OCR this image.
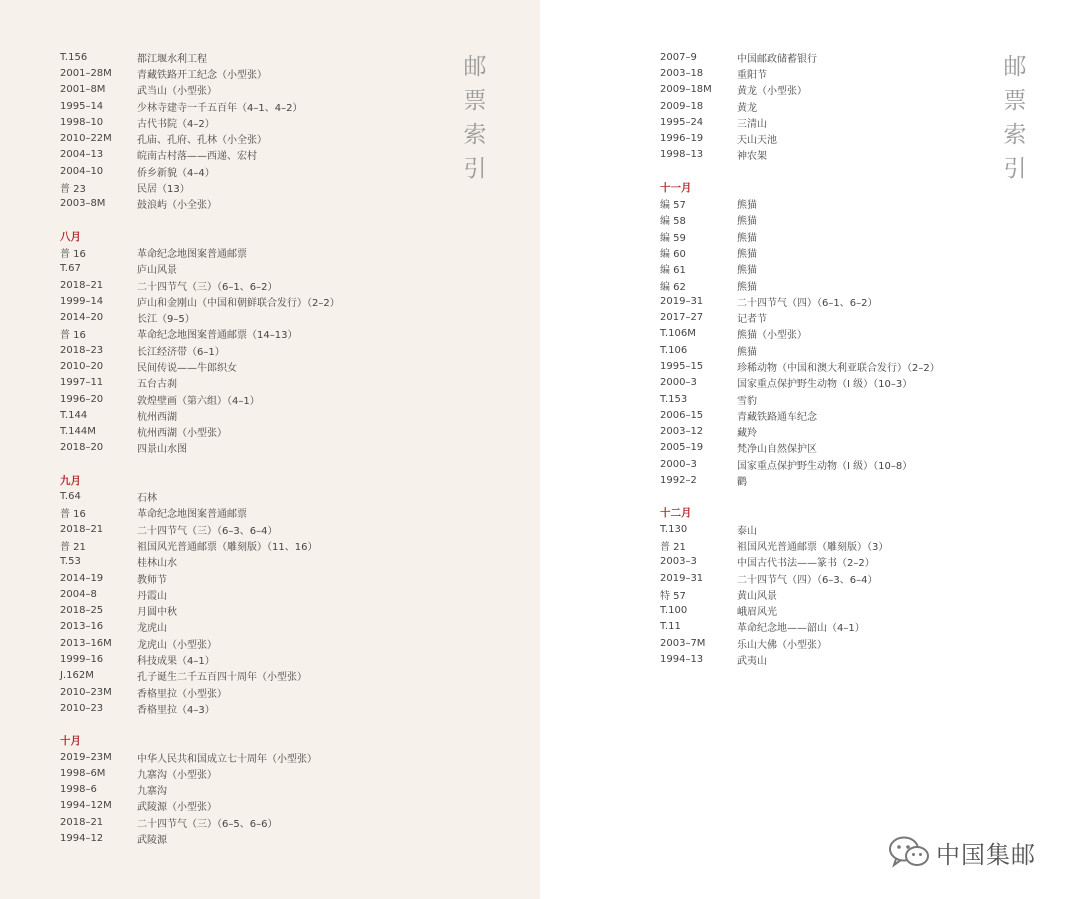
T.156	都江堰水利工程
2001–28M	青藏铁路开工纪念（小型张）
2001–8M	武当山（小型张）
1995–14	少林寺建寺一千五百年（4–1、4–2）
1998–10	古代书院（4–2）
2010–22M	孔庙、孔府、孔林（小全张）
2004–13	皖南古村落——西递、宏村
2004–10	侨乡新貌（4–4）
普 23	民居（13）
2003–8M	鼓浪屿（小全张）
八月
普 16	革命纪念地图案普通邮票
T.67	庐山风景
2018–21	二十四节气（三）（6–1、6–2）
1999–14	庐山和金刚山（中国和朝鲜联合发行）（2–2）
2014–20	长江（9–5）
普 16	革命纪念地图案普通邮票（14–13）
2018–23	长江经济带（6–1）
2010–20	民间传说——牛郎织女
1997–11	五台古刹
1996–20	敦煌壁画（第六组）（4–1）
T.144	杭州西湖
T.144M	杭州西湖（小型张）
2018–20	四景山水图
九月
T.64	石林
普 16	革命纪念地图案普通邮票
2018–21	二十四节气（三）（6–3、6–4）
普 21	祖国风光普通邮票（雕刻版）（11、16）
T.53	桂林山水
2014–19	教师节
2004–8	丹霞山
2018–25	月圆中秋
2013–16	龙虎山
2013–16M	龙虎山（小型张）
1999–16	科技成果（4–1）
J.162M	孔子诞生二千五百四十周年（小型张）
2010–23M	香格里拉（小型张）
2010–23	香格里拉（4–3）
十月
2019–23M	中华人民共和国成立七十周年（小型张）
1998–6M	九寨沟（小型张）
1998–6	九寨沟
1994–12M	武陵源（小型张）
2018–21	二十四节气（三）（6–5、6–6）
1994–12	武陵源
邮
票
索
引
2007–9	中国邮政储蓄银行
2003–18	重阳节
2009–18M	黄龙（小型张）
2009–18	黄龙
1995–24	三清山
1996–19	天山天池
1998–13	神农架
十一月
编 57	熊猫
编 58	熊猫
编 59	熊猫
编 60	熊猫
编 61	熊猫
编 62	熊猫
2019–31	二十四节气（四）（6–1、6–2）
2017–27	记者节
T.106M	熊猫（小型张）
T.106	熊猫
1995–15	珍稀动物（中国和澳大利亚联合发行）（2–2）
2000–3	国家重点保护野生动物（I 级）（10–3）
T.153	雪豹
2006–15	青藏铁路通车纪念
2003–12	藏羚
2005–19	梵净山自然保护区
2000–3	国家重点保护野生动物（I 级）（10–8）
1992–2	鹳
十二月
T.130	泰山
普 21	祖国风光普通邮票（雕刻版）（3）
2003–3	中国古代书法——篆书（2–2）
2019–31	二十四节气（四）（6–3、6–4）
特 57	黄山风景
T.100	峨眉风光
T.11	革命纪念地——韶山（4–1）
2003–7M	乐山大佛（小型张）
1994–13	武夷山
邮
票
索
引
中国集邮
